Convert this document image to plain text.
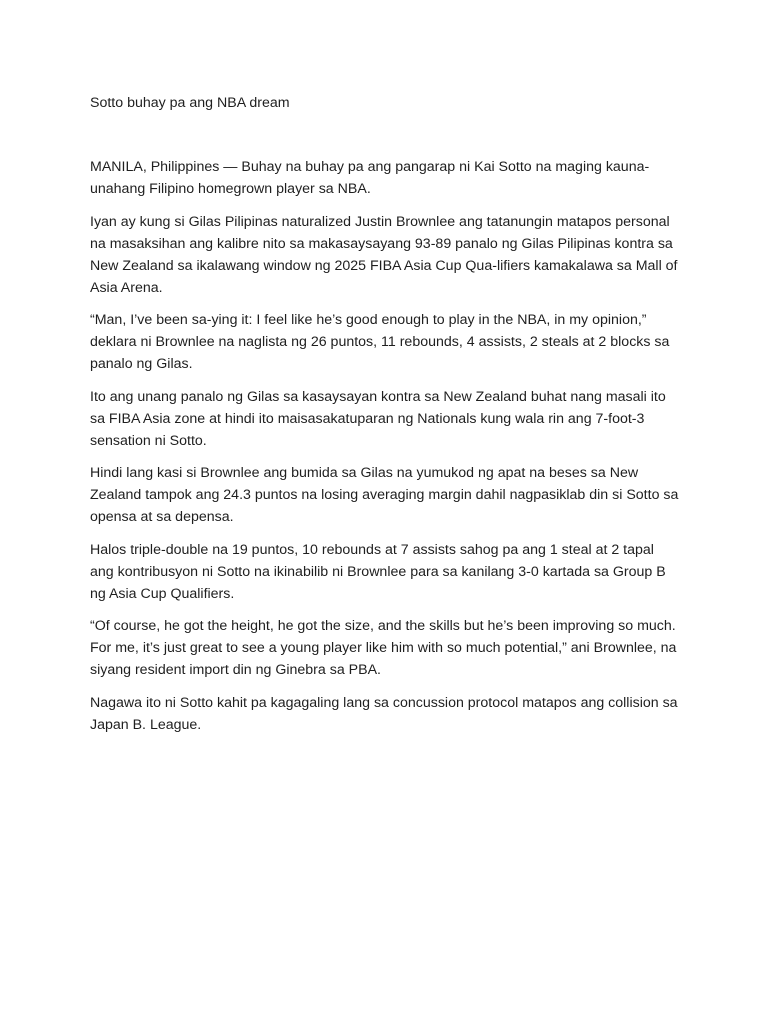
Sotto buhay pa ang NBA dream

MANILA, Philippines — Buhay na buhay pa ang pangarap ni Kai Sotto na maging kauna-unahang Filipino homegrown player sa NBA.

Iyan ay kung si Gilas Pilipinas naturalized Justin Brownlee ang tatanungin matapos personal na masaksihan ang kalibre nito sa makasaysayang 93-89 panalo ng Gilas Pilipinas kontra sa New Zealand sa ikalawang window ng 2025 FIBA Asia Cup Qua-lifiers kamakalawa sa Mall of Asia Arena.

“Man, I’ve been sa-ying it: I feel like he’s good enough to play in the NBA, in my opinion,” deklara ni Brownlee na naglista ng 26 puntos, 11 rebounds, 4 assists, 2 steals at 2 blocks sa panalo ng Gilas.

Ito ang unang panalo ng Gilas sa kasaysayan kontra sa New Zealand buhat nang masali ito sa FIBA Asia zone at hindi ito maisasakatuparan ng Nationals kung wala rin ang 7-foot-3 sensation ni Sotto.

Hindi lang kasi si Brownlee ang bumida sa Gilas na yumukod ng apat na beses sa New Zealand tampok ang 24.3 puntos na losing averaging margin dahil nagpasiklab din si Sotto sa opensa at sa depensa.

Halos triple-double na 19 puntos, 10 rebounds at 7 assists sahog pa ang 1 steal at 2 tapal ang kontribusyon ni Sotto na ikinabilib ni Brownlee para sa kanilang 3-0 kartada sa Group B ng Asia Cup Qualifiers.

“Of course, he got the height, he got the size, and the skills but he’s been improving so much. For me, it’s just great to see a young player like him with so much potential,” ani Brownlee, na siyang resident import din ng Ginebra sa PBA.

Nagawa ito ni Sotto kahit pa kagagaling lang sa concussion protocol matapos ang collision sa Japan B. League.
